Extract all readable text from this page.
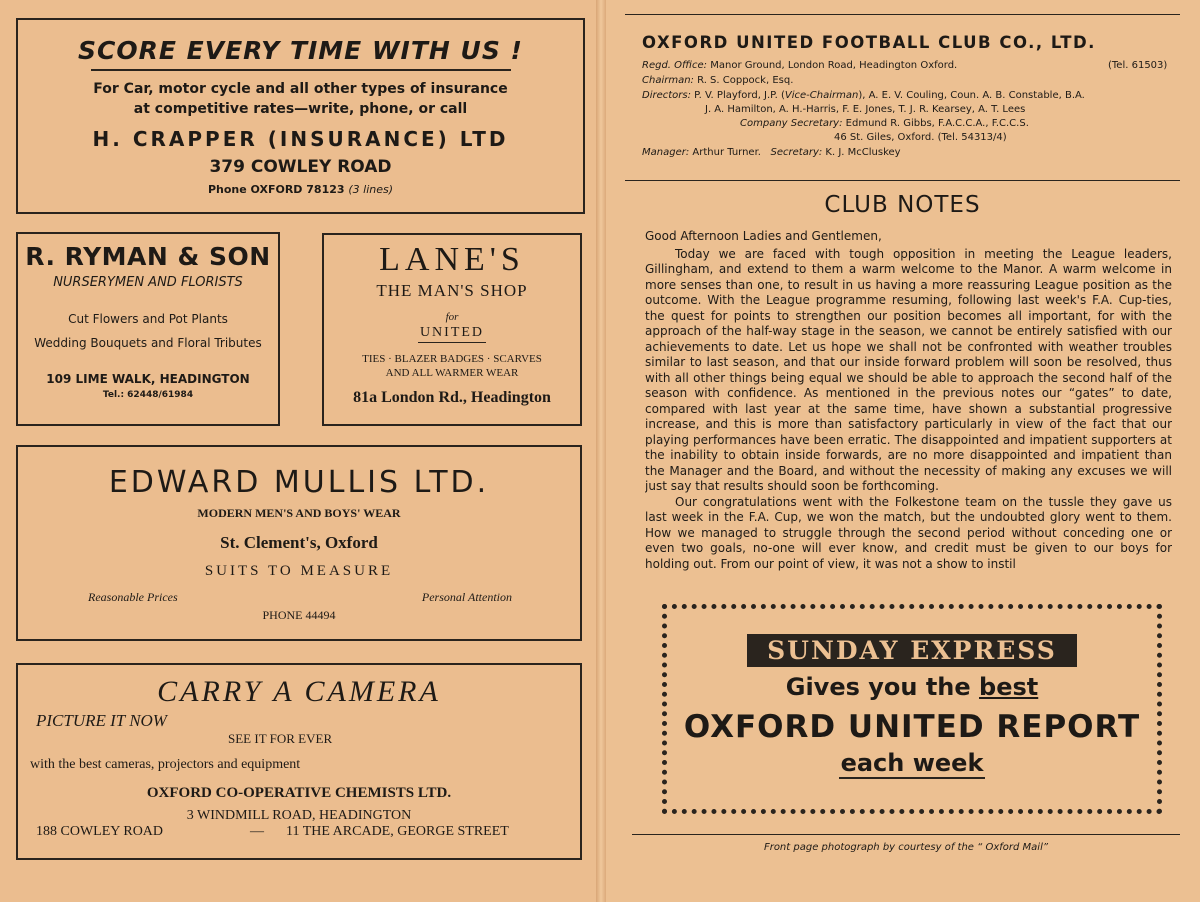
SCORE EVERY TIME WITH US !
For Car, motor cycle and all other types of insurance
at competitive rates—write, phone, or call
H. CRAPPER (INSURANCE) LTD
379 COWLEY ROAD
Phone OXFORD 78123 (3 lines)
R. RYMAN & SON
NURSERYMEN AND FLORISTS
Cut Flowers and Pot Plants
Wedding Bouquets and Floral Tributes
109 LIME WALK, HEADINGTON
Tel.: 62448/61984
LANE'S
THE MAN'S SHOP
for
UNITED
TIES · BLAZER BADGES · SCARVES
AND ALL WARMER WEAR
81a London Rd., Headington
EDWARD MULLIS LTD.
MODERN MEN'S AND BOYS' WEAR
St. Clement's, Oxford
SUITS TO MEASURE
Reasonable Prices	Personal Attention
PHONE 44494
CARRY A CAMERA
PICTURE IT NOW
SEE IT FOR EVER
with the best cameras, projectors and equipment
OXFORD CO-OPERATIVE CHEMISTS LTD.
3 WINDMILL ROAD, HEADINGTON
188 COWLEY ROAD	— 11 THE ARCADE, GEORGE STREET
OXFORD UNITED FOOTBALL CLUB CO., LTD.
Regd. Office: Manor Ground, London Road, Headington Oxford.	(Tel. 61503)
Chairman: R. S. Coppock, Esq.
Directors: P. V. Playford, J.P. (Vice-Chairman), A. E. V. Couling, Coun. A. B. Constable, B.A.
J. A. Hamilton, A. H.-Harris, F. E. Jones, T. J. R. Kearsey, A. T. Lees
Company Secretary: Edmund R. Gibbs, F.A.C.C.A., F.C.C.S.
46 St. Giles, Oxford. (Tel. 54313/4)
Manager: Arthur Turner. Secretary: K. J. McCluskey
CLUB NOTES

Good Afternoon Ladies and Gentlemen,

Today we are faced with tough opposition in meeting the League leaders, Gillingham, and extend to them a warm welcome to the Manor. A warm welcome in more senses than one, to result in us having a more reassuring League position as the outcome. With the League programme resuming, following last week's F.A. Cup-ties, the quest for points to strengthen our position becomes all important, for with the approach of the half-way stage in the season, we cannot be entirely satisfied with our achievements to date. Let us hope we shall not be confronted with weather troubles similar to last season, and that our inside forward problem will soon be resolved, thus with all other things being equal we should be able to approach the second half of the season with confidence. As mentioned in the previous notes our “gates” to date, compared with last year at the same time, have shown a substantial progressive increase, and this is more than satisfactory particularly in view of the fact that our playing performances have been erratic. The disappointed and impatient supporters at the inability to obtain inside forwards, are no more disappointed and impatient than the Manager and the Board, and without the necessity of making any excuses we will just say that results should soon be forthcoming.

Our congratulations went with the Folkestone team on the tussle they gave us last week in the F.A. Cup, we won the match, but the undoubted glory went to them. How we managed to struggle through the second period without conceding one or even two goals, no-one will ever know, and credit must be given to our boys for holding out. From our point of view, it was not a show to instil

SUNDAY EXPRESS
Gives you the best
OXFORD UNITED REPORT
each week
Front page photograph by courtesy of the “ Oxford Mail”
